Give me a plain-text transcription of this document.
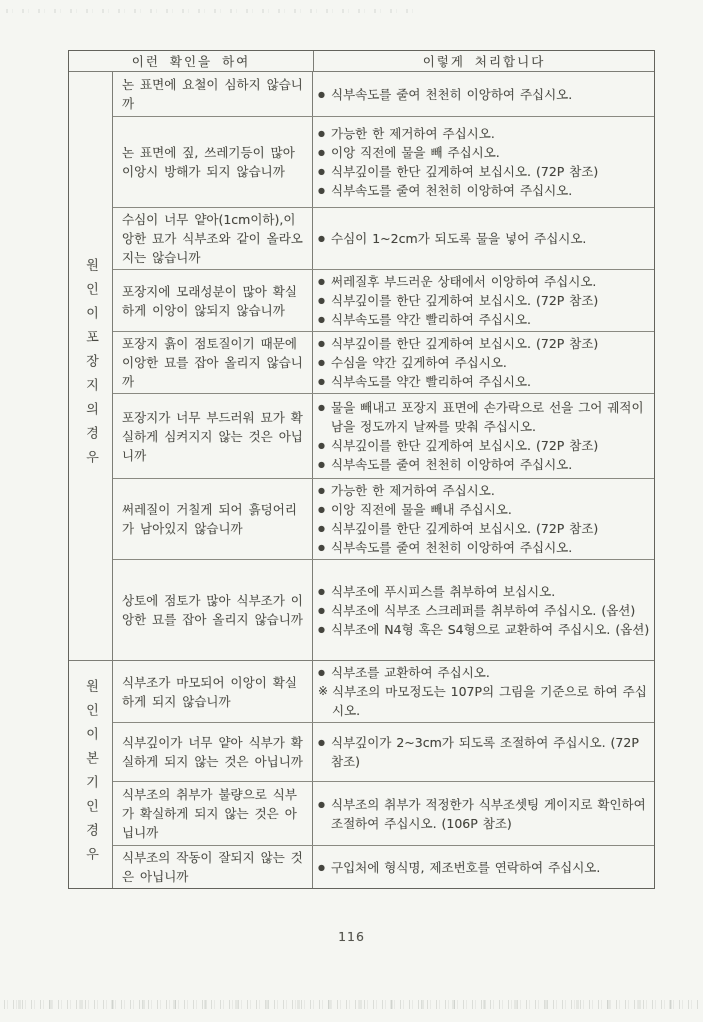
이런 확인을 하여	이렇게 처리합니다
원인이포장지의경우
논 표면에 요철이 심하지 않습니까
● 식부속도를 줄여 천천히 이앙하여 주십시오.
논 표면에 짚, 쓰레기등이 많아 이앙시 방해가 되지 않습니까
● 가능한 한 제거하여 주십시오.
● 이앙 직전에 물을 빼 주십시오.
● 식부깊이를 한단 깊게하여 보십시오. (72P 참조)
● 식부속도를 줄여 천천히 이앙하여 주십시오.
수심이 너무 얕아(1cm이하),이앙한 묘가 식부조와 같이 올라오지는 않습니까
● 수심이 1~2cm가 되도록 물을 넣어 주십시오.
포장지에 모래성분이 많아 확실하게 이앙이 않되지 않습니까
● 써레질후 부드러운 상태에서 이앙하여 주십시오.
● 식부깊이를 한단 깊게하여 보십시오. (72P 참조)
● 식부속도를 약간 빨리하여 주십시오.
포장지 흙이 점토질이기 때문에 이앙한 묘를 잡아 올리지 않습니까
● 식부깊이를 한단 깊게하여 보십시오. (72P 참조)
● 수심을 약간 깊게하여 주십시오.
● 식부속도를 약간 빨리하여 주십시오.
포장지가 너무 부드러워 묘가 확실하게 심켜지지 않는 것은 아닙니까
● 물을 빼내고 포장지 표면에 손가락으로 선을 그어 궤적이 남을 정도까지 날짜를 맞춰 주십시오.
● 식부깊이를 한단 깊게하여 보십시오. (72P 참조)
● 식부속도를 줄여 천천히 이앙하여 주십시오.
써레질이 거칠게 되어 흙덩어리가 남아있지 않습니까
● 가능한 한 제거하여 주십시오.
● 이앙 직전에 물을 빼내 주십시오.
● 식부깊이를 한단 깊게하여 보십시오. (72P 참조)
● 식부속도를 줄여 천천히 이앙하여 주십시오.
상토에 점토가 많아 식부조가 이앙한 묘를 잡아 올리지 않습니까
● 식부조에 푸시피스를 취부하여 보십시오.
● 식부조에 식부조 스크레퍼를 취부하여 주십시오. (옵션)
● 식부조에 N4형 혹은 S4형으로 교환하여 주십시오. (옵션)
원인이본기인경우 식부조가 마모되어 이앙이 확실하게 되지 않습니까
● 식부조를 교환하여 주십시오.
※ 식부조의 마모정도는 107P의 그림을 기준으로 하여 주십시오.
식부깊이가 너무 얕아 식부가 확실하게 되지 않는 것은 아닙니까
● 식부깊이가 2~3cm가 되도록 조절하여 주십시오. (72P 참조)
식부조의 취부가 불량으로 식부가 확실하게 되지 않는 것은 아닙니까
● 식부조의 취부가 적정한가 식부조셋팅 게이지로 확인하여 조절하여 주십시오. (106P 참조)
식부조의 작동이 잘되지 않는 것은 아닙니까
● 구입처에 형식명, 제조번호를 연락하여 주십시오.
116
